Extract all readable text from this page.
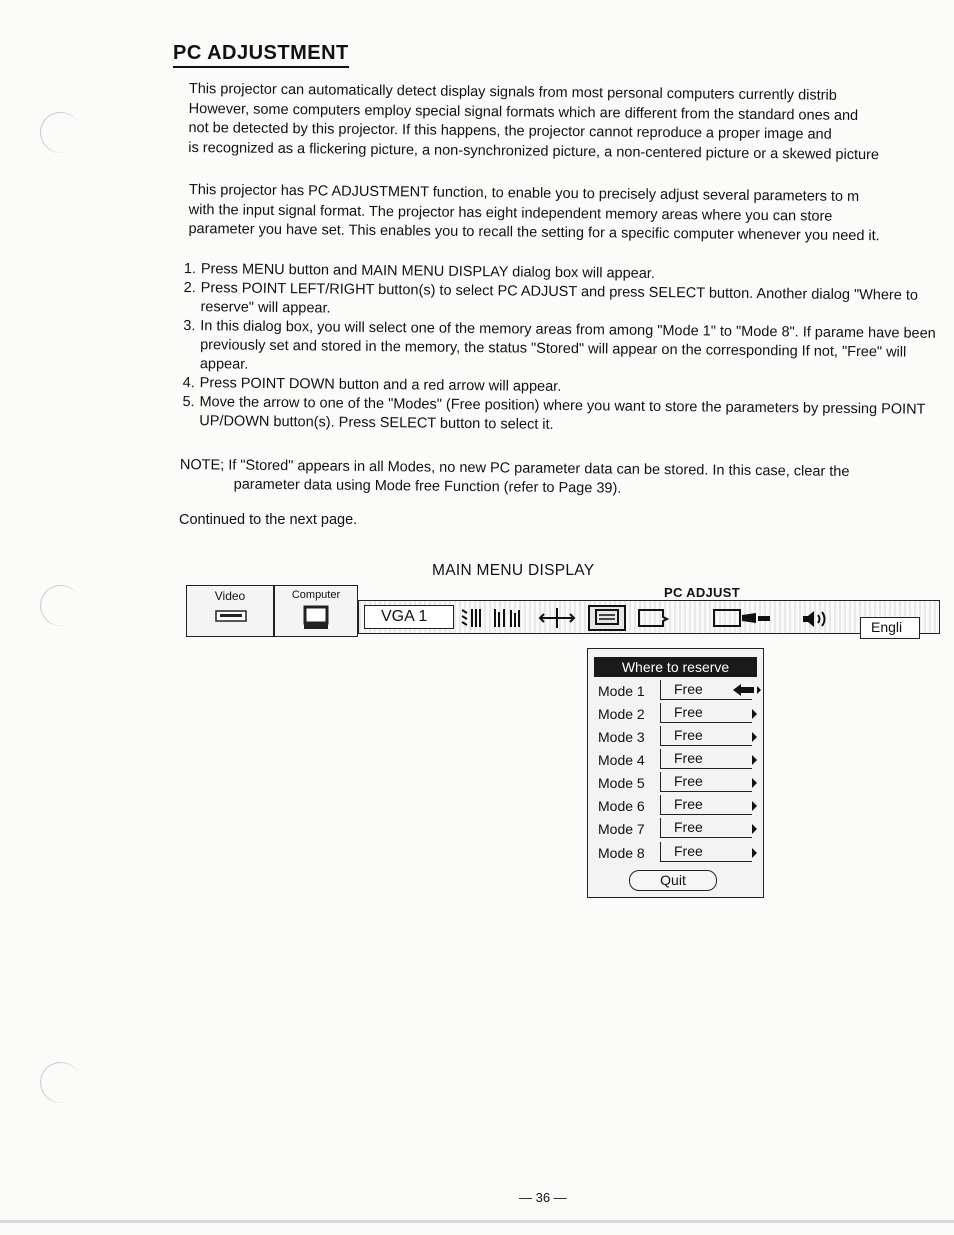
PC ADJUSTMENT
This projector can automatically detect display signals from most personal computers currently distrib
However, some computers employ special signal formats which are different from the standard ones and
not be detected by this projector. If this happens, the projector cannot reproduce a proper image and
is recognized as a flickering picture, a non-synchronized picture, a non-centered picture or a skewed picture
This projector has PC ADJUSTMENT function, to enable you to precisely adjust several parameters to m
with the input signal format. The projector has eight independent memory areas where you can store
parameter you have set. This enables you to recall the setting for a specific computer whenever you need it.
1. Press MENU button and MAIN MENU DISPLAY dialog box will appear.
2. Press POINT LEFT/RIGHT button(s) to select PC ADJUST and press SELECT button. Another dialog "Where to reserve" will appear.
3. In this dialog box, you will select one of the memory areas from among "Mode 1" to "Mode 8". If parame have been previously set and stored in the memory, the status "Stored" will appear on the corresponding If not, "Free" will appear.
4. Press POINT DOWN button and a red arrow will appear.
5. Move the arrow to one of the "Modes" (Free position) where you want to store the parameters by pressing POINT UP/DOWN button(s). Press SELECT button to select it.
NOTE; If "Stored" appears in all Modes, no new PC parameter data can be stored. In this case, clear the
parameter data using Mode free Function (refer to Page 39).
Continued to the next page.
MAIN MENU DISPLAY
Video	Computer	PC ADJUST
VGA 1
Engli
Where to reserve
Mode 1	Free
Mode 2	Free
Mode 3	Free
Mode 4	Free
Mode 5	Free
Mode 6	Free
Mode 7	Free
Mode 8	Free
Quit
— 36 —
